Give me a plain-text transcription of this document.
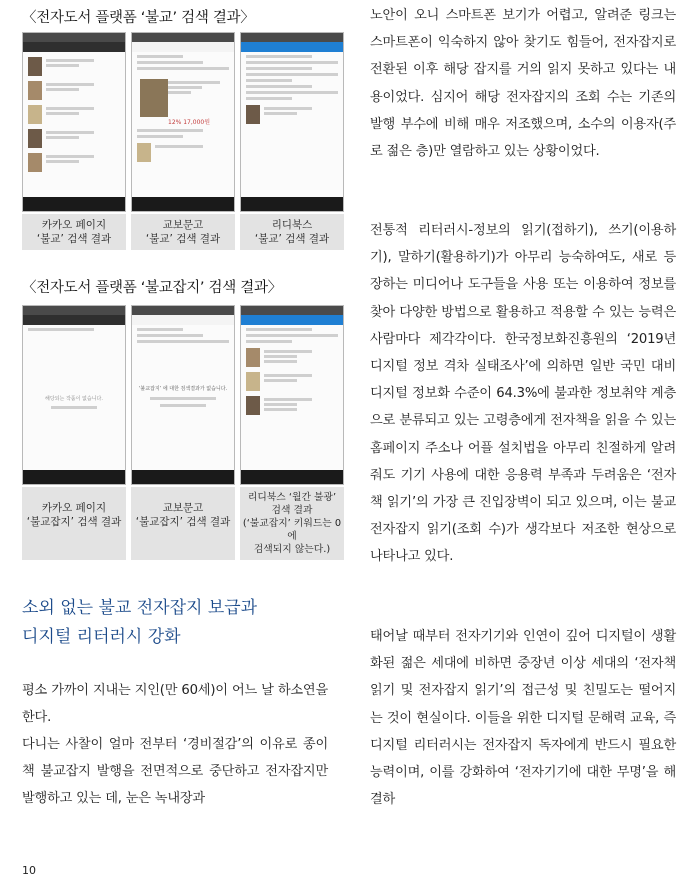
〈전자도서 플랫폼 ‘불교’ 검색 결과〉
12% 17,000원
카카오 페이지
‘불교’ 검색 결과
교보문고
‘불교’ 검색 결과
리디북스
‘불교’ 검색 결과
〈전자도서 플랫폼 ‘불교잡지’ 검색 결과〉
해당되는 작품이 없습니다.
‘불교잡지’ 에 대한 검색결과가 없습니다.
카카오 페이지
‘불교잡지’ 검색 결과
교보문고
‘불교잡지’ 검색 결과
리디북스 ‘월간 불광’
검색 결과
(‘불교잡지’ 키워드는 0에
검색되지 않는다.)
소외 없는 불교 전자잡지 보급과
디지털 리터러시 강화
평소 가까이 지내는 지인(만 60세)이 어느 날 하소연을 한다.
다니는 사찰이 얼마 전부터 ‘경비절감’의 이유로 종이책 불교잡지 발행을 전면적으로 중단하고 전자잡지만 발행하고 있는 데, 눈은 녹내장과
노안이 오니 스마트폰 보기가 어렵고, 알려준 링크는 스마트폰이 익숙하지 않아 찾기도 힘들어, 전자잡지로 전환된 이후 해당 잡지를 거의 읽지 못하고 있다는 내용이었다. 심지어 해당 전자잡지의 조회 수는 기존의 발행 부수에 비해 매우 저조했으며, 소수의 이용자(주로 젊은 층)만 열람하고 있는 상황이었다.
전통적 리터러시-정보의 읽기(접하기), 쓰기(이용하기), 말하기(활용하기)가 아무리 능숙하여도, 새로 등장하는 미디어나 도구들을 사용 또는 이용하여 정보를 찾아 다양한 방법으로 활용하고 적용할 수 있는 능력은 사람마다 제각각이다. 한국정보화진흥원의 ‘2019년 디지털 정보 격차 실태조사’에 의하면 일반 국민 대비 디지털 정보화 수준이 64.3%에 불과한 정보취약 계층으로 분류되고 있는 고령층에게 전자책을 읽을 수 있는 홈페이지 주소나 어플 설치법을 아무리 친절하게 알려줘도 기기 사용에 대한 응용력 부족과 두려움은 ‘전자책 읽기’의 가장 큰 진입장벽이 되고 있으며, 이는 불교 전자잡지 읽기(조회 수)가 생각보다 저조한 현상으로 나타나고 있다.
태어날 때부터 전자기기와 인연이 깊어 디지털이 생활화된 젊은 세대에 비하면 중장년 이상 세대의 ‘전자책 읽기 및 전자잡지 읽기’의 접근성 및 친밀도는 떨어지는 것이 현실이다. 이들을 위한 디지털 문해력 교육, 즉 디지털 리터러시는 전자잡지 독자에게 반드시 필요한 능력이며, 이를 강화하여 ‘전자기기에 대한 무명’을 해결하
10
